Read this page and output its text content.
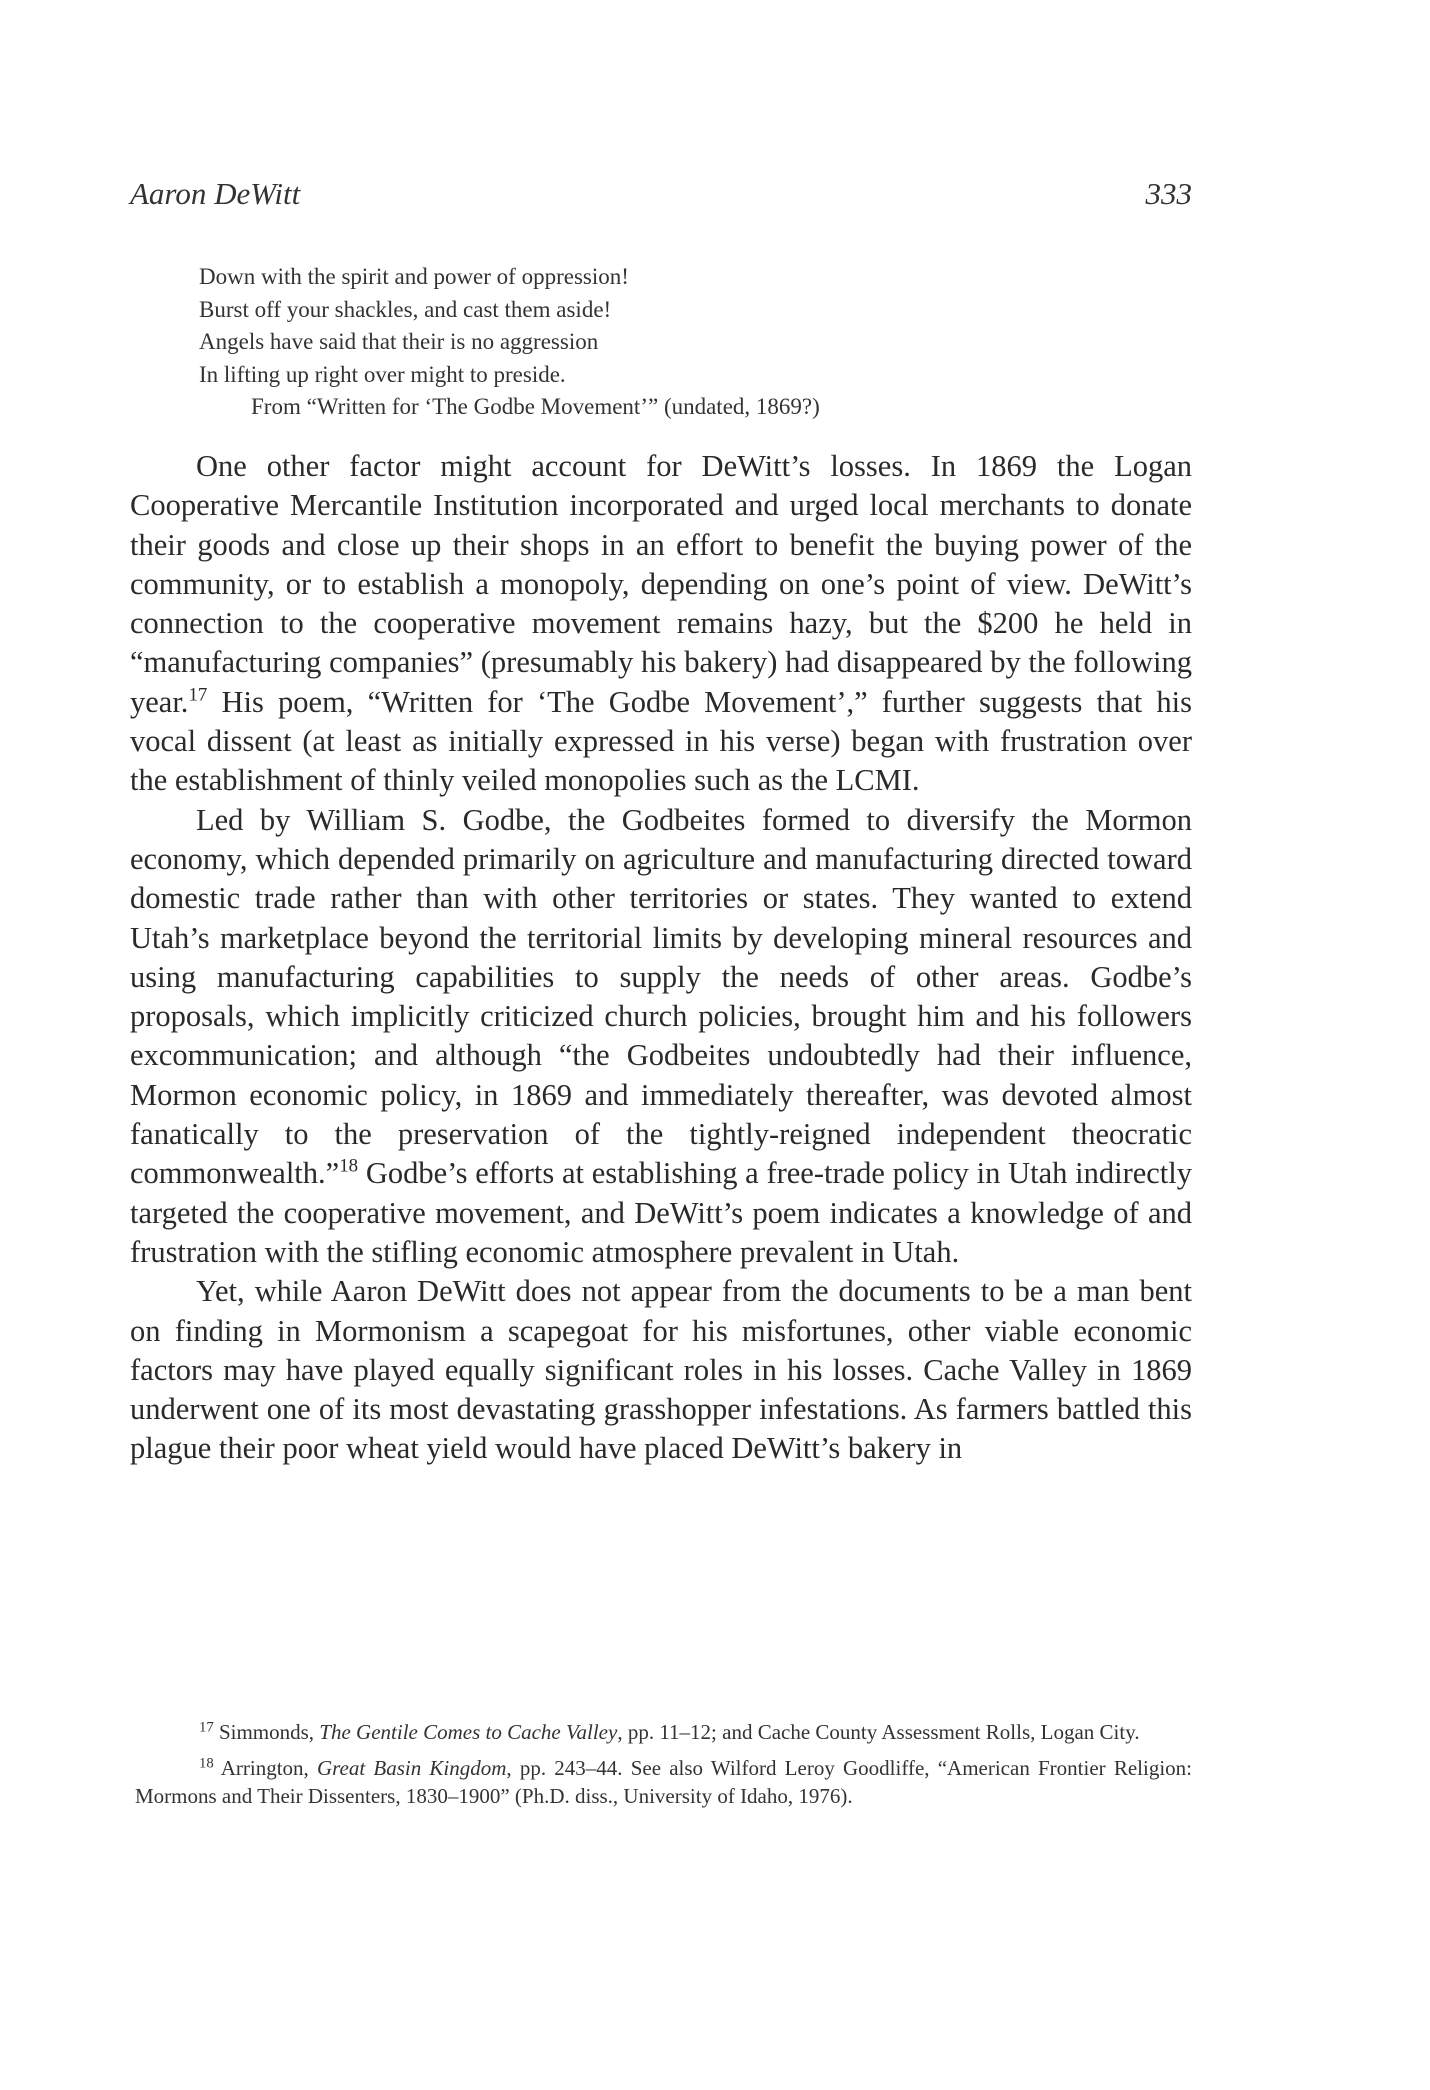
Aaron DeWitt	333
Down with the spirit and power of oppression!
Burst off your shackles, and cast them aside!
Angels have said that their is no aggression
In lifting up right over might to preside.
From “Written for ‘The Godbe Movement’” (undated, 1869?)

One other factor might account for DeWitt’s losses. In 1869 the Logan Cooperative Mercantile Institution incorporated and urged local merchants to donate their goods and close up their shops in an effort to benefit the buying power of the community, or to establish a monopoly, depending on one’s point of view. DeWitt’s connection to the cooperative movement remains hazy, but the $200 he held in “manufacturing companies” (presumably his bakery) had disappeared by the following year.$^{17}$ His poem, “Written for ‘The Godbe Movement’,” further suggests that his vocal dissent (at least as initially expressed in his verse) began with frustration over the establishment of thinly veiled monopolies such as the LCMI.

Led by William S. Godbe, the Godbeites formed to diversify the Mormon economy, which depended primarily on agriculture and manufacturing directed toward domestic trade rather than with other territories or states. They wanted to extend Utah’s marketplace beyond the territorial limits by developing mineral resources and using manufacturing capabilities to supply the needs of other areas. Godbe’s proposals, which implicitly criticized church policies, brought him and his followers excommunication; and although “the Godbeites undoubtedly had their influence, Mormon economic policy, in 1869 and immediately thereafter, was devoted almost fanatically to the preservation of the tightly-reigned independent theocratic commonwealth.”$^{18}$ Godbe’s efforts at establishing a free-trade policy in Utah indirectly targeted the cooperative movement, and DeWitt’s poem indicates a knowledge of and frustration with the stifling economic atmosphere prevalent in Utah.

Yet, while Aaron DeWitt does not appear from the documents to be a man bent on finding in Mormonism a scapegoat for his misfortunes, other viable economic factors may have played equally significant roles in his losses. Cache Valley in 1869 underwent one of its most devastating grasshopper infestations. As farmers battled this plague their poor wheat yield would have placed DeWitt’s bakery in

$^{17}$ Simmonds, The Gentile Comes to Cache Valley, pp. 11–12; and Cache County Assessment Rolls, Logan City.

$^{18}$ Arrington, Great Basin Kingdom, pp. 243–44. See also Wilford Leroy Goodliffe, “American Frontier Religion: Mormons and Their Dissenters, 1830–1900” (Ph.D. diss., University of Idaho, 1976).
